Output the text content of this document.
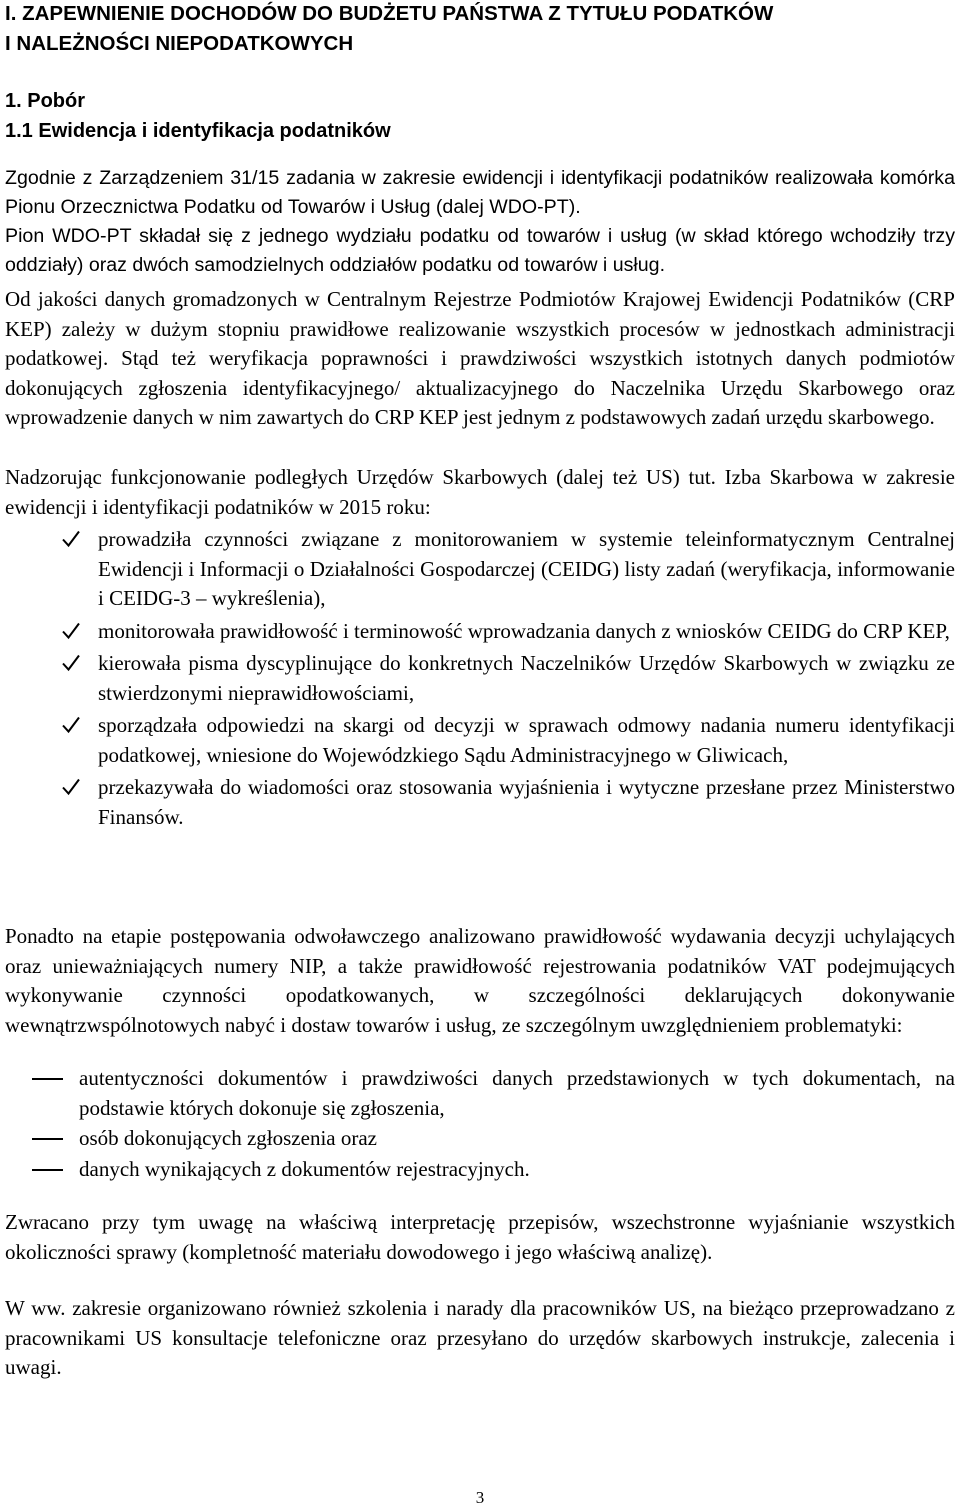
I. ZAPEWNIENIE DOCHODÓW DO BUDŻETU PAŃSTWA Z TYTUŁU PODATKÓW

I NALEŻNOŚCI NIEPODATKOWYCH

1. Pobór

1.1 Ewidencja i identyfikacja podatników

Zgodnie z Zarządzeniem 31/15 zadania w zakresie ewidencji i identyfikacji podatników realizowała komórka Pionu Orzecznictwa Podatku od Towarów i Usług (dalej WDO-PT).

Pion WDO-PT składał się z jednego wydziału podatku od towarów i usług (w skład którego wchodziły trzy oddziały) oraz dwóch samodzielnych oddziałów podatku od towarów i usług.

Od jakości danych gromadzonych w Centralnym Rejestrze Podmiotów Krajowej Ewidencji Podatników (CRP KEP) zależy w dużym stopniu prawidłowe realizowanie wszystkich procesów w jednostkach administracji podatkowej. Stąd też weryfikacja poprawności i prawdziwości wszystkich istotnych danych podmiotów dokonujących zgłoszenia identyfikacyjnego/ aktualizacyjnego do Naczelnika Urzędu Skarbowego oraz wprowadzenie danych w nim zawartych do CRP KEP jest jednym z podstawowych zadań urzędu skarbowego.

Nadzorując funkcjonowanie podległych Urzędów Skarbowych (dalej też US) tut. Izba Skarbowa w zakresie ewidencji i identyfikacji podatników w 2015 roku:

prowadziła czynności związane z monitorowaniem w systemie teleinformatycznym Centralnej Ewidencji i Informacji o Działalności Gospodarczej (CEIDG) listy zadań (weryfikacja, informowanie i CEIDG-3 – wykreślenia),
monitorowała prawidłowość i terminowość wprowadzania danych z wniosków CEIDG do CRP KEP,
kierowała pisma dyscyplinujące do konkretnych Naczelników Urzędów Skarbowych w związku ze stwierdzonymi nieprawidłowościami,
sporządzała odpowiedzi na skargi od decyzji w sprawach odmowy nadania numeru identyfikacji podatkowej, wniesione do Wojewódzkiego Sądu Administracyjnego w Gliwicach,
przekazywała do wiadomości oraz stosowania wyjaśnienia i wytyczne przesłane przez Ministerstwo Finansów.

Ponadto na etapie postępowania odwoławczego analizowano prawidłowość wydawania decyzji uchylających oraz unieważniających numery NIP, a także prawidłowość rejestrowania podatników VAT podejmujących wykonywanie czynności opodatkowanych, w szczególności deklarujących dokonywanie wewnątrzwspólnotowych nabyć i dostaw towarów i usług, ze szczególnym uwzględnieniem problematyki:

autentyczności dokumentów i prawdziwości danych przedstawionych w tych dokumentach, na podstawie których dokonuje się zgłoszenia,
osób dokonujących zgłoszenia oraz
danych wynikających z dokumentów rejestracyjnych.

Zwracano przy tym uwagę na właściwą interpretację przepisów, wszechstronne wyjaśnianie wszystkich okoliczności sprawy (kompletność materiału dowodowego i jego właściwą analizę).

W ww. zakresie organizowano również szkolenia i narady dla pracowników US, na bieżąco przeprowadzano z pracownikami US konsultacje telefoniczne oraz przesyłano do urzędów skarbowych instrukcje, zalecenia i uwagi.

3
